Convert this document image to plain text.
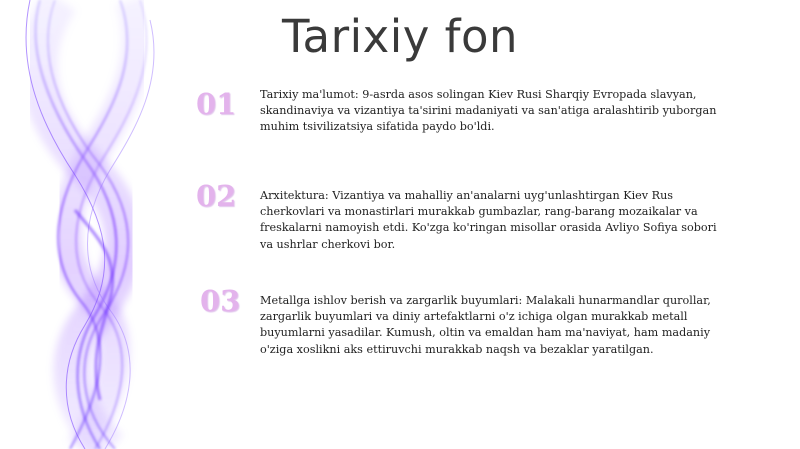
Tarixiy fon
01	Tarixiy ma'lumot: 9-asrda asos solingan Kiev Rusi Sharqiy Evropada slavyan, skandinaviya va vizantiya ta'sirini madaniyati va san'atiga aralashtirib yuborgan muhim tsivilizatsiya sifatida paydo bo'ldi.
02	Arxitektura: Vizantiya va mahalliy an'analarni uyg'unlashtirgan Kiev Rus cherkovlari va monastirlari murakkab gumbazlar, rang-barang mozaikalar va freskalarni namoyish etdi. Ko'zga ko'ringan misollar orasida Avliyo Sofiya sobori va ushrlar cherkovi bor.
03	Metallga ishlov berish va zargarlik buyumlari: Malakali hunarmandlar qurollar, zargarlik buyumlari va diniy artefaktlarni o'z ichiga olgan murakkab metall buyumlarni yasadilar. Kumush, oltin va emaldan ham ma'naviyat, ham madaniy o'ziga xoslikni aks ettiruvchi murakkab naqsh va bezaklar yaratilgan.
